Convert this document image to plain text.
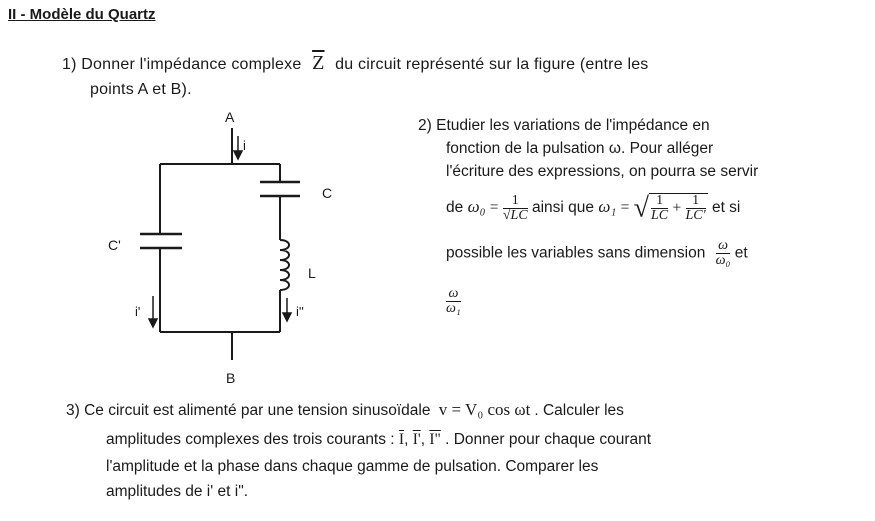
II - Modèle du Quartz
1) Donner l'impédance complexe $\overline{Z}$ du circuit représenté sur la figure (entre les
points A et B).
2) Etudier les variations de l'impédance en
fonction de la pulsation ω. Pour alléger
l'écriture des expressions, on pourra se servir
de $\omega_0 = \frac{1}{√LC}$ ainsi que ω₁ = √ $\frac{1}{LC} + \frac{1}{LC'}$ et si
possible les variables sans dimension $\frac{\omega}{\text{ω₀}}$ et
$\frac{\omega}{\text{ω₁}}$
A
B
i
C
C'
L
i'	i''
3) Ce circuit est alimenté par une tension sinusoïdale v = V₀ cos ωt . Calculer les
amplitudes complexes des trois courants : $\overline{I}$, I', I" . Donner pour chaque courant
l'amplitude et la phase dans chaque gamme de pulsation. Comparer les
amplitudes de i' et i".
